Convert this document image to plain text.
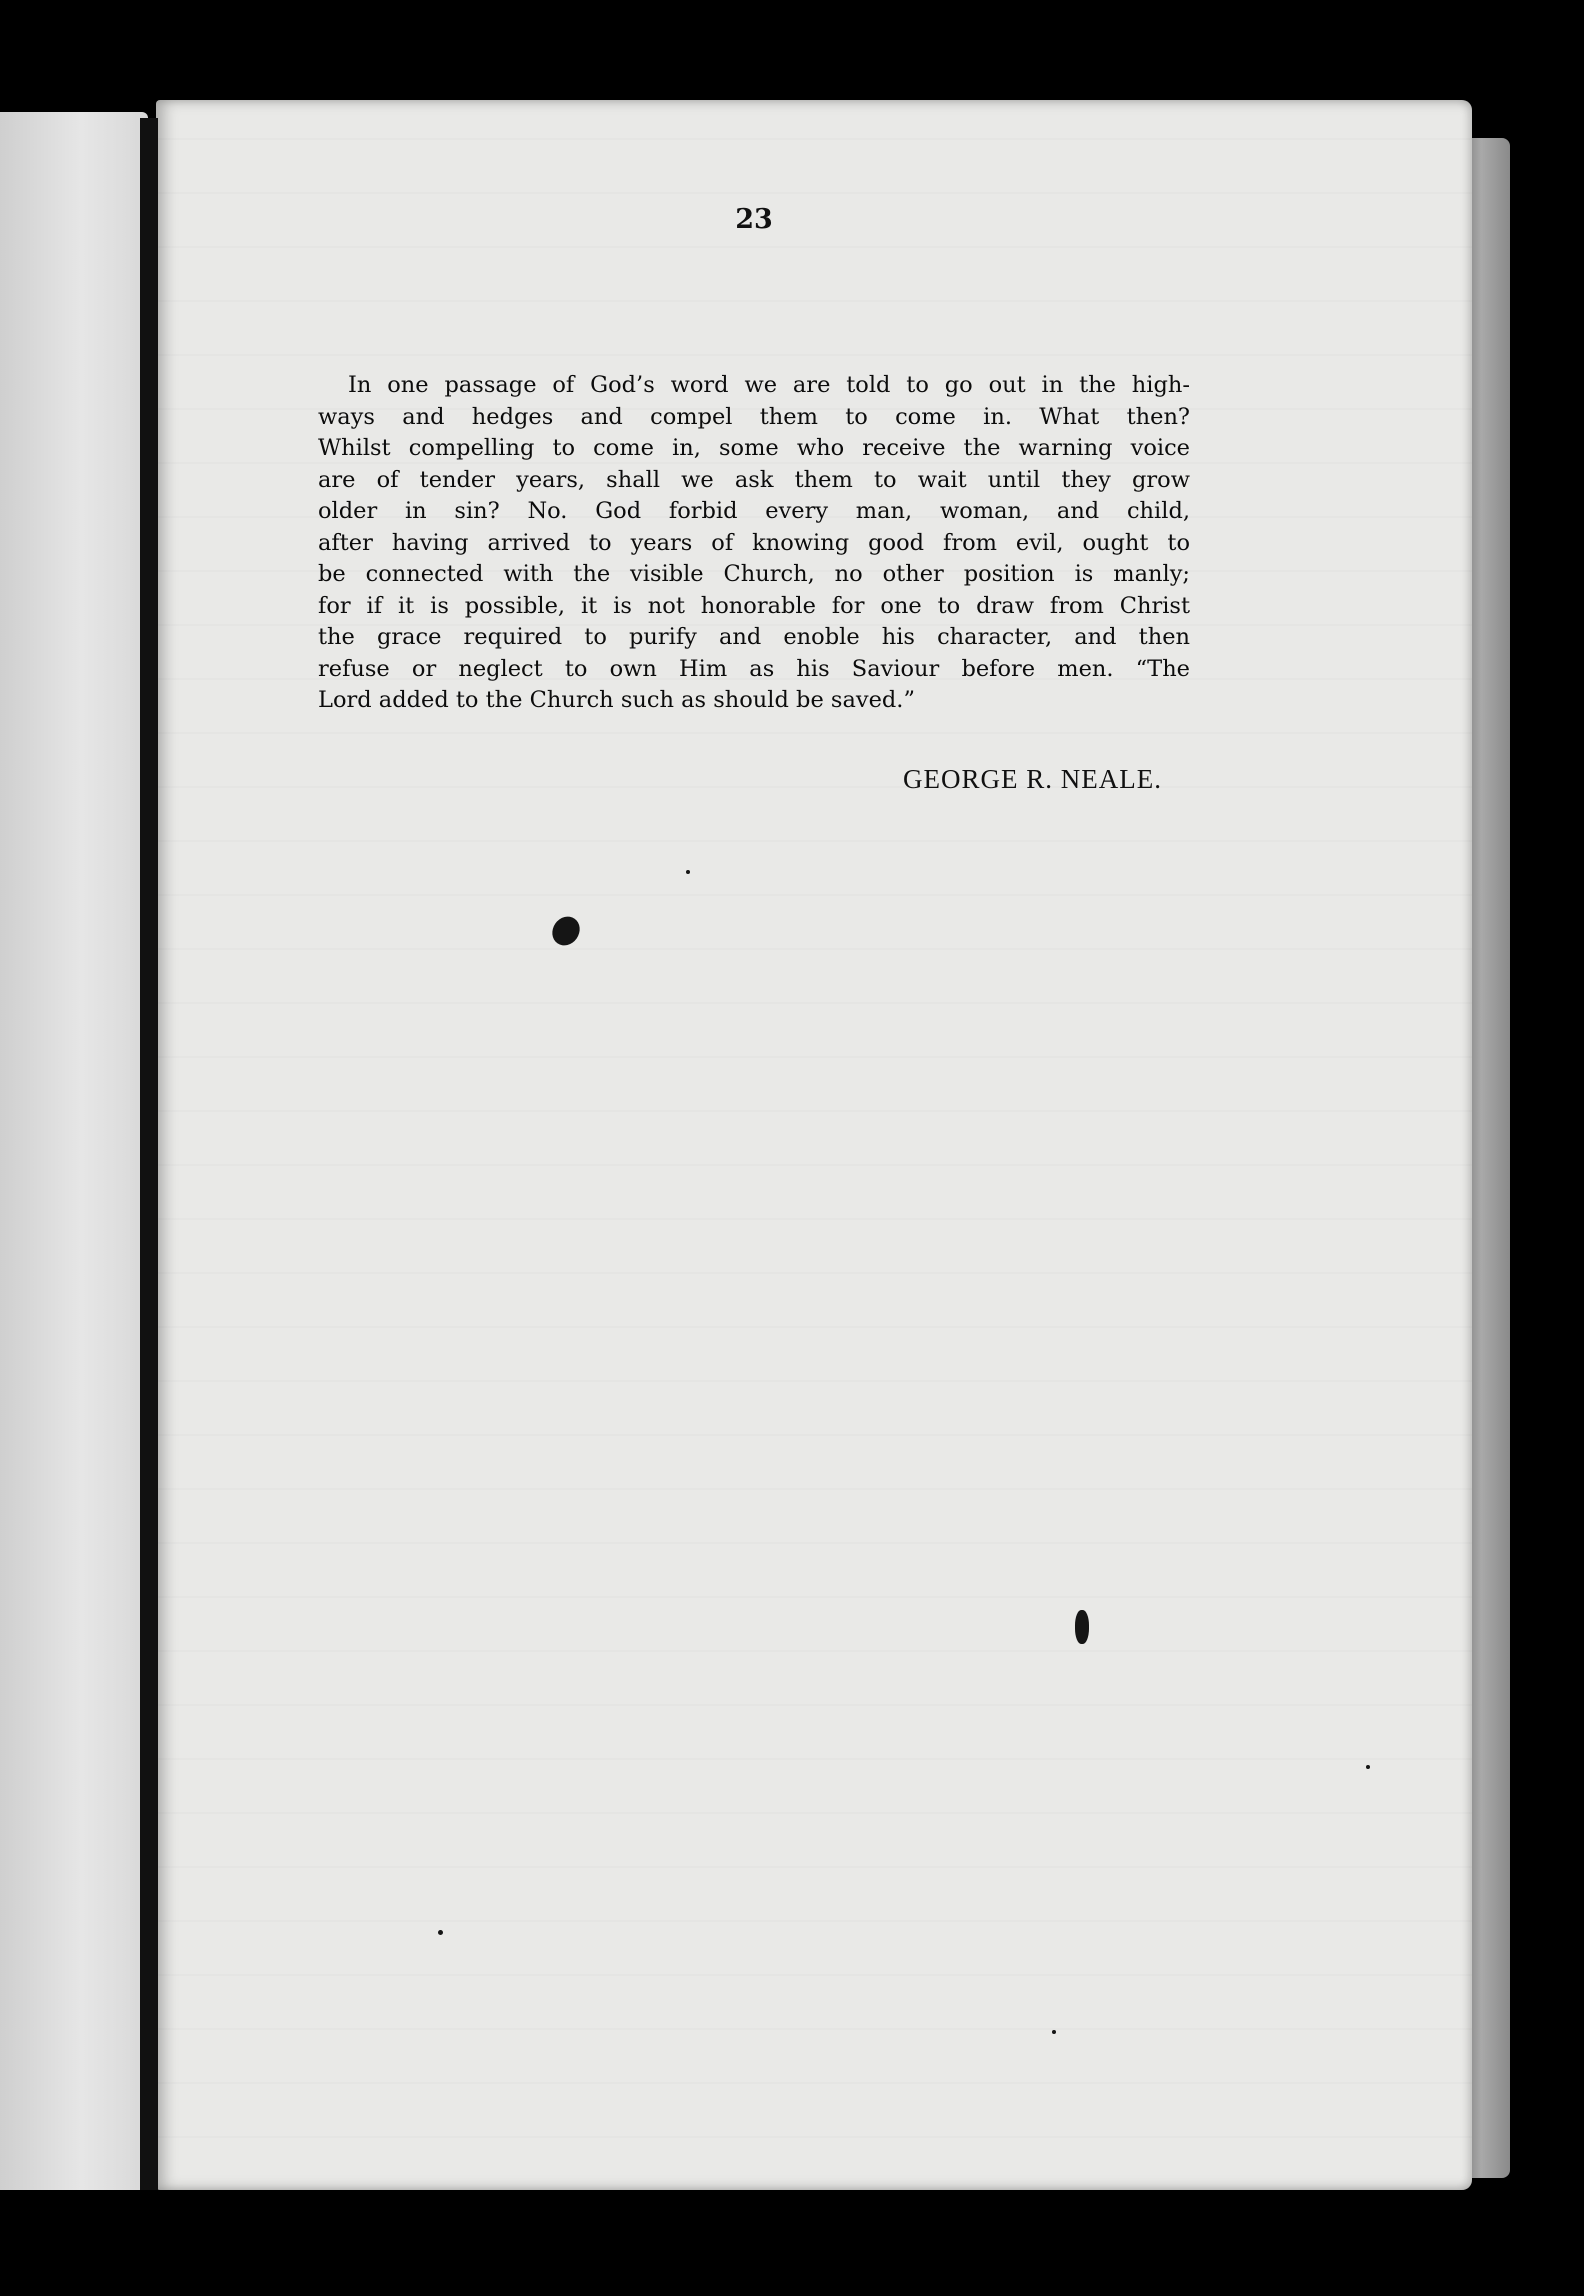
23
In one passage of God’s word we are told to go out in the high-
ways and hedges and compel them to come in. What then?
Whilst compelling to come in, some who receive the warning voice
are of tender years, shall we ask them to wait until they grow
older in sin? No. God forbid every man, woman, and child,
after having arrived to years of knowing good from evil, ought to
be connected with the visible Church, no other position is manly;
for if it is possible, it is not honorable for one to draw from Christ
the grace required to purify and enoble his character, and then
refuse or neglect to own Him as his Saviour before men. “The
Lord added to the Church such as should be saved.”
GEORGE R. NEALE.
